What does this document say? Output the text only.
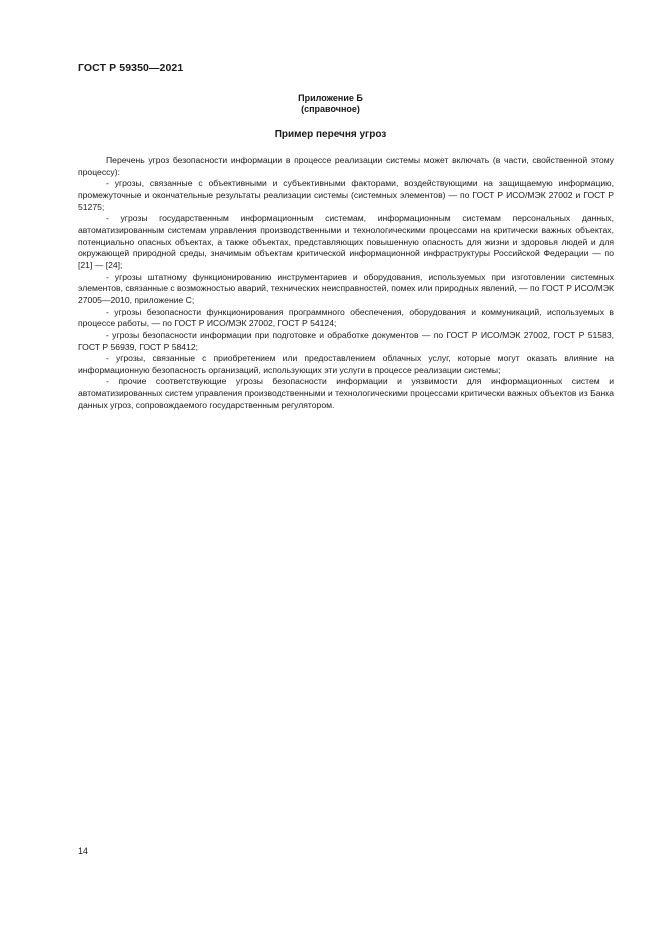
ГОСТ Р 59350—2021
Приложение Б
(справочное)
Пример перечня угроз

Перечень угроз безопасности информации в процессе реализации системы может включать (в части, свойственной этому процессу):

- угрозы, связанные с объективными и субъективными факторами, воздействующими на защищаемую информацию, промежуточные и окончательные результаты реализации системы (системных элементов) — по ГОСТ Р ИСО/МЭК 27002 и ГОСТ Р 51275;

- угрозы государственным информационным системам, информационным системам персональных данных, автоматизированным системам управления производственными и технологическими процессами на критически важных объектах, потенциально опасных объектах, а также объектах, представляющих повышенную опасность для жизни и здоровья людей и для окружающей природной среды, значимым объектам критической информационной инфраструктуры Российской Федерации — по [21] — [24];

- угрозы штатному функционированию инструментариев и оборудования, используемых при изготовлении системных элементов, связанные с возможностью аварий, технических неисправностей, помех или природных явлений, — по ГОСТ Р ИСО/МЭК 27005—2010, приложение С;

- угрозы безопасности функционирования программного обеспечения, оборудования и коммуникаций, используемых в процессе работы, — по ГОСТ Р ИСО/МЭК 27002, ГОСТ Р 54124;

- угрозы безопасности информации при подготовке и обработке документов — по ГОСТ Р ИСО/МЭК 27002, ГОСТ Р 51583, ГОСТ Р 56939, ГОСТ Р 58412;

- угрозы, связанные с приобретением или предоставлением облачных услуг, которые могут оказать влияние на информационную безопасность организаций, использующих эти услуги в процессе реализации системы;

- прочие соответствующие угрозы безопасности информации и уязвимости для информационных систем и автоматизированных систем управления производственными и технологическими процессами критически важных объектов из Банка данных угроз, сопровождаемого государственным регулятором.

14
